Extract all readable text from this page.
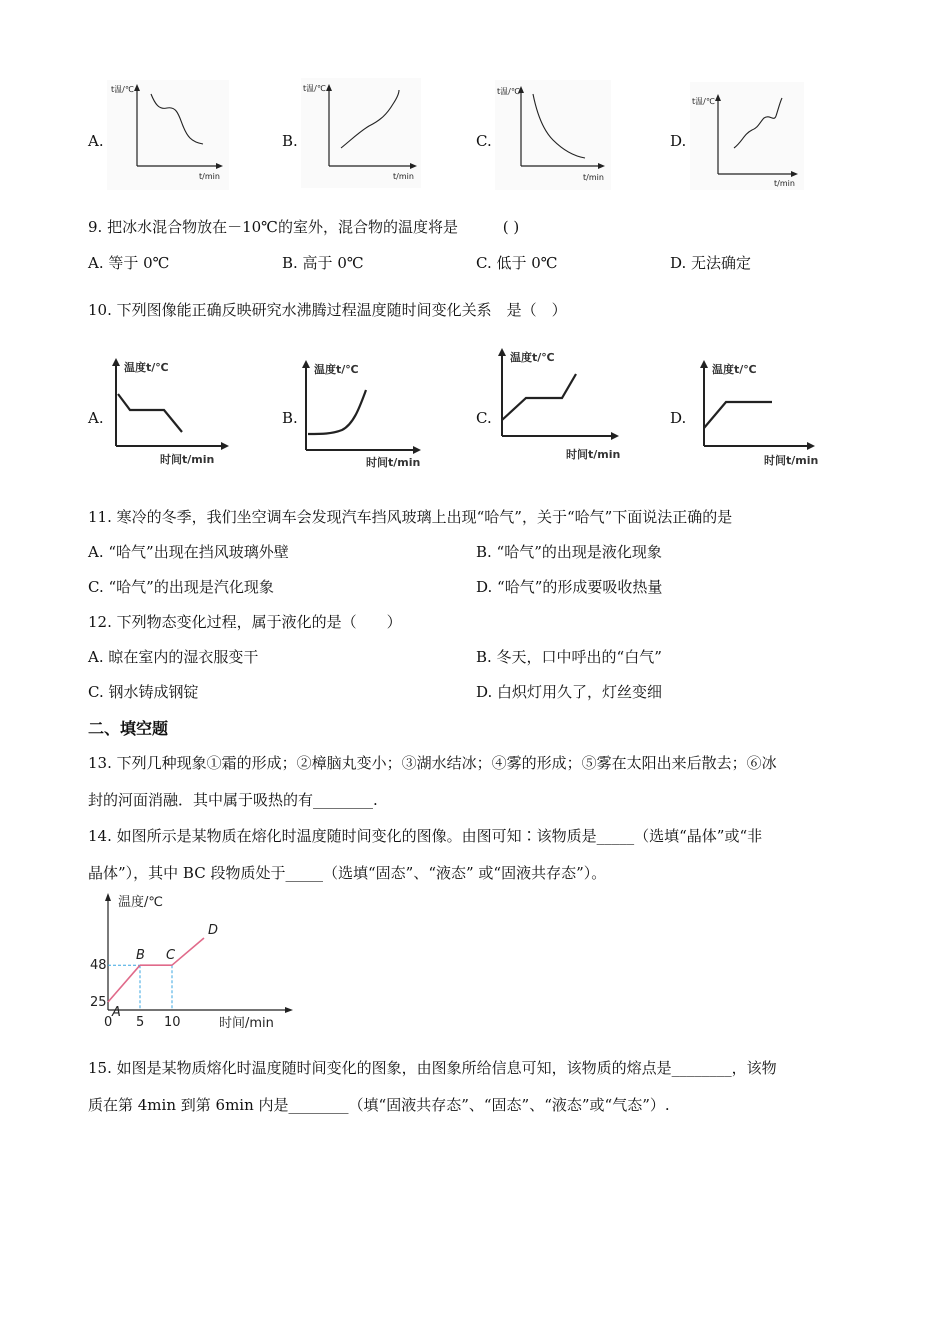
A.
t温/℃
t/min
B.
t温/℃
t/min
C.
t温/℃
t/min
D.
t温/℃
t/min
9. 把冰水混合物放在－10℃的室外，混合物的温度将是	( )
A. 等于 0℃	B. 高于 0℃	C. 低于 0℃	D. 无法确定
10. 下列图像能正确反映研究水沸腾过程温度随时间变化关系　是（　）
A.
温度t/℃
时间t/min
B.
温度t/℃
时间t/min
C.
温度t/℃
时间t/min
D.
温度t/℃
时间t/min
11. 寒冷的冬季，我们坐空调车会发现汽车挡风玻璃上出现“哈气”，关于“哈气”下面说法正确的是
A. “哈气”出现在挡风玻璃外壁	B. “哈气”的出现是液化现象
C. “哈气”的出现是汽化现象	D. “哈气”的形成要吸收热量
12. 下列物态变化过程，属于液化的是（　　）
A. 晾在室内的湿衣服变干	B. 冬天，口中呼出的“白气”
C. 钢水铸成钢锭	D. 白炽灯用久了，灯丝变细
二、填空题
13. 下列几种现象①霜的形成；②樟脑丸变小；③湖水结冰；④雾的形成；⑤雾在太阳出来后散去；⑥冰
封的河面消融．其中属于吸热的有________.
14. 如图所示是某物质在熔化时温度随时间变化的图像。由图可知∶该物质是_____（选填“晶体”或“非
晶体”），其中 BC 段物质处于_____（选填“固态”、“液态” 或“固液共存态”）。
温度/℃
时间/min
25
48
0 5 10
A
B C
D
15. 如图是某物质熔化时温度随时间变化的图象，由图象所给信息可知，该物质的熔点是________，该物
质在第 4min 到第 6min 内是________（填“固液共存态”、“固态”、“液态”或“气态”）.
